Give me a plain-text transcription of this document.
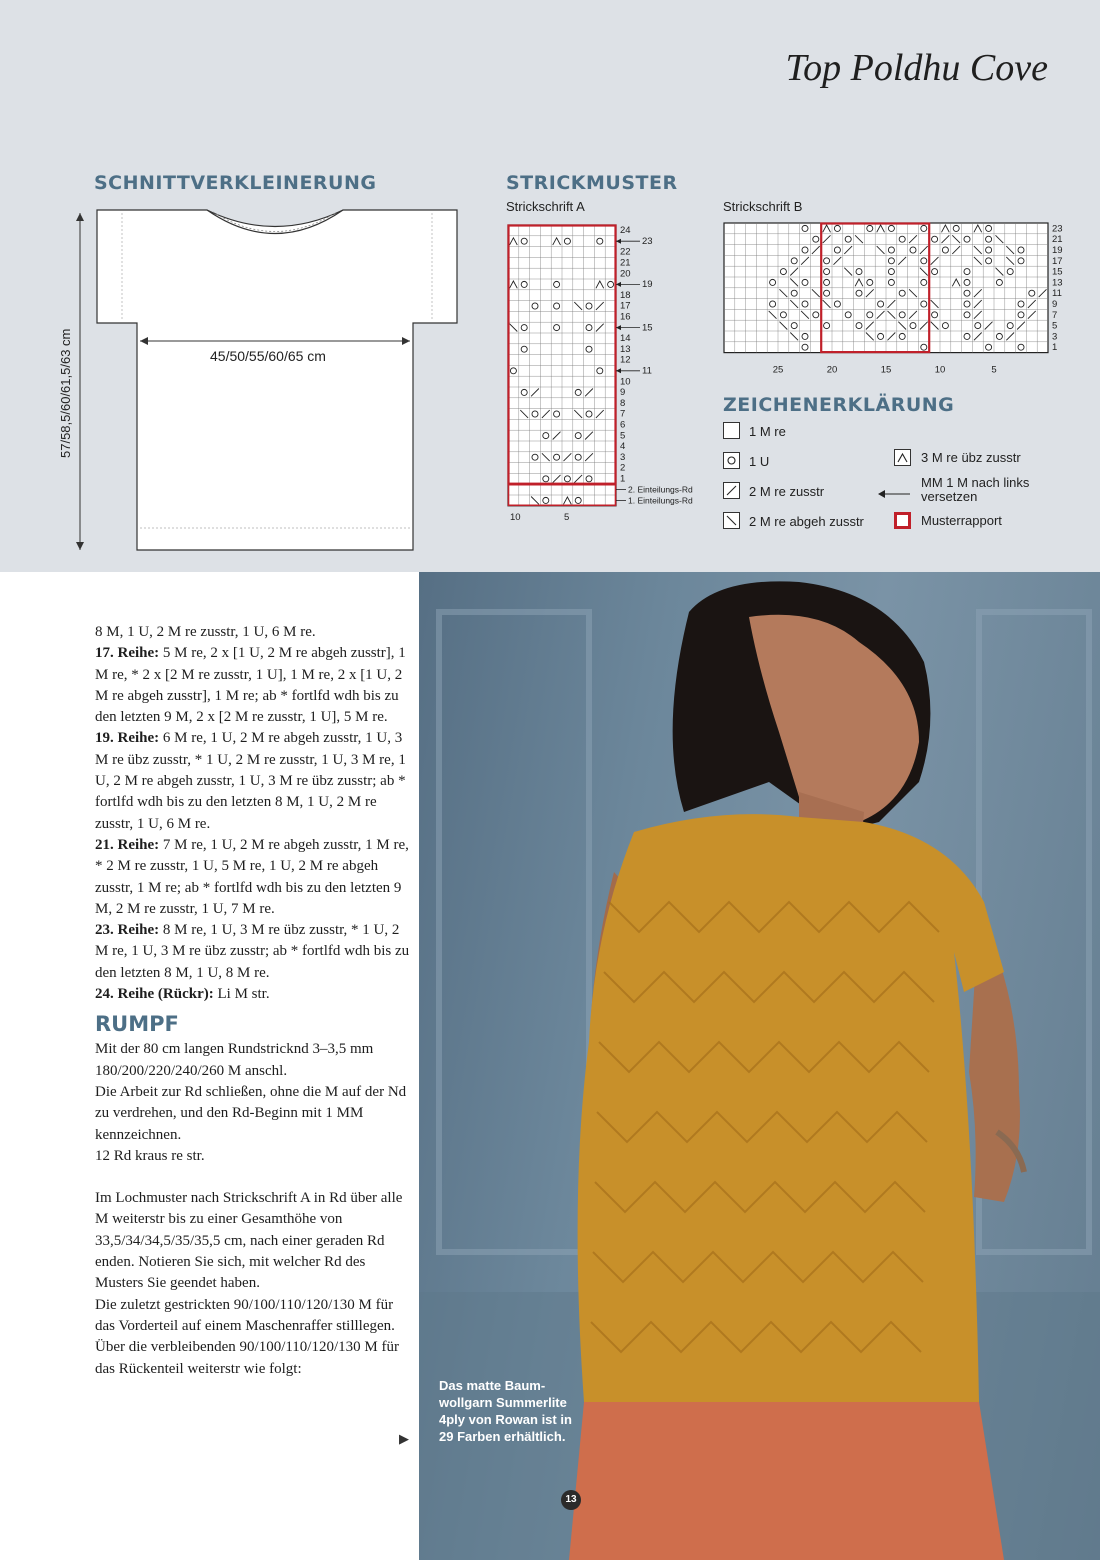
Top Poldhu Cove
SCHNITTVERKLEINERUNG
45/50/55/60/65 cm
57/58,5/60/61,5/63 cm
STRICKMUSTER
Strickschrift A	Strickschrift B
24
23
22
21
20
19
18
17
16
15
14
13
12
11
10
9
8
7
6
5
4
3
2
1
2. Einteilungs-Rd
1. Einteilungs-Rd
10	5
23
21
19
17
15
13
11
9
7
5
3
1
25	20	15	10	5
ZEICHENERKLÄRUNG
1 M re
1 U
2 M re zusstr
2 M re abgeh zusstr
3 M re übz zusstr
MM 1 M nach links versetzen
Musterrapport

8 M, 1 U, 2 M re zusstr, 1 U, 6 M re.

17. Reihe: 5 M re, 2 x [1 U, 2 M re abgeh zusstr], 1 M re, * 2 x [2 M re zusstr, 1 U], 1 M re, 2 x [1 U, 2 M re abgeh zusstr], 1 M re; ab * fortlfd wdh bis zu den letzten 9 M, 2 x [2 M re zusstr, 1 U], 5 M re.

19. Reihe: 6 M re, 1 U, 2 M re abgeh zusstr, 1 U, 3 M re übz zusstr, * 1 U, 2 M re zusstr, 1 U, 3 M re, 1 U, 2 M re abgeh zusstr, 1 U, 3 M re übz zusstr; ab * fortlfd wdh bis zu den letzten 8 M, 1 U, 2 M re zusstr, 1 U, 6 M re.

21. Reihe: 7 M re, 1 U, 2 M re abgeh zusstr, 1 M re, * 2 M re zusstr, 1 U, 5 M re, 1 U, 2 M re abgeh zusstr, 1 M re; ab * fortlfd wdh bis zu den letzten 9 M, 2 M re zusstr, 1 U, 7 M re.

23. Reihe: 8 M re, 1 U, 3 M re übz zusstr, * 1 U, 2 M re, 1 U, 3 M re übz zusstr; ab * fortlfd wdh bis zu den letzten 8 M, 1 U, 8 M re.

24. Reihe (Rückr): Li M str.

RUMPF

Mit der 80 cm langen Rundstricknd 3–3,5 mm 180/200/220/240/260 M anschl.
Die Arbeit zur Rd schließen, ohne die M auf der Nd zu verdrehen, und den Rd-Beginn mit 1 MM kennzeichnen.
12 Rd kraus re str.

Im Lochmuster nach Strickschrift A in Rd über alle M weiterstr bis zu einer Gesamthöhe von 33,5/34/34,5/35/35,5 cm, nach einer geraden Rd enden. Notieren Sie sich, mit welcher Rd des Musters Sie geendet haben.
Die zuletzt gestrickten 90/100/110/120/130 M für das Vorderteil auf einem Maschenraffer stilllegen.
Über die verbleibenden 90/100/110/120/130 M für das Rückenteil weiterstr wie folgt:

▶
Das matte Baum-
wollgarn Summerlite
4ply von Rowan ist in
29 Farben erhältlich.
13
